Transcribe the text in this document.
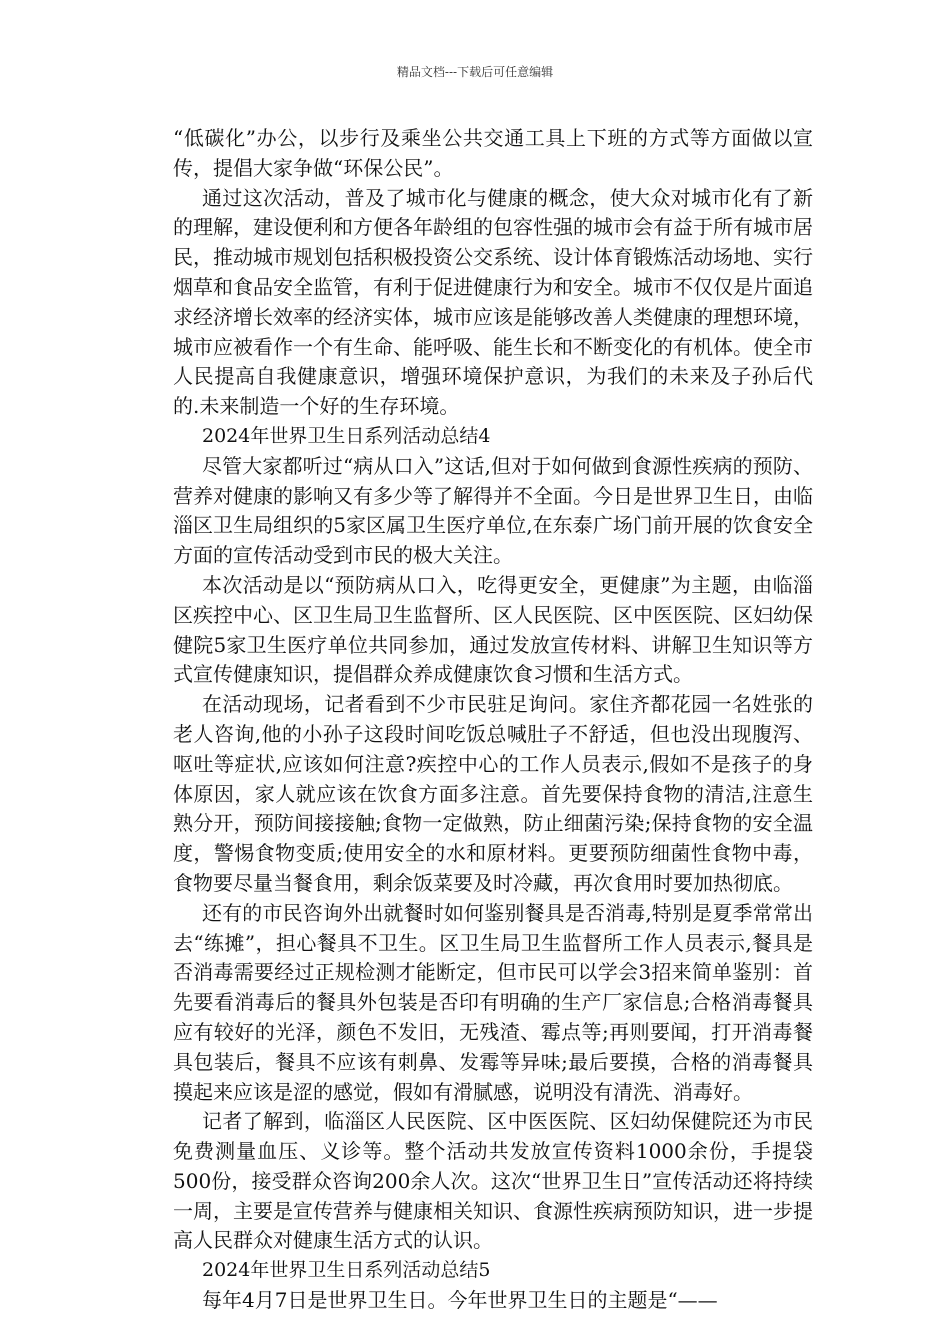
精品文档---下载后可任意编辑

“低碳化”办公，以步行及乘坐公共交通工具上下班的方式等方面做以宣传，提倡大家争做“环保公民”。

通过这次活动，普及了城市化与健康的概念，使大众对城市化有了新的理解，建设便利和方便各年龄组的包容性强的城市会有益于所有城市居民，推动城市规划包括积极投资公交系统、设计体育锻炼活动场地、实行烟草和食品安全监管，有利于促进健康行为和安全。城市不仅仅是片面追求经济增长效率的经济实体，城市应该是能够改善人类健康的理想环境，城市应被看作一个有生命、能呼吸、能生长和不断变化的有机体。使全市人民提高自我健康意识，增强环境保护意识，为我们的未来及子孙后代的.未来制造一个好的生存环境。

2024年世界卫生日系列活动总结4

尽管大家都听过“病从口入”这话,但对于如何做到食源性疾病的预防、营养对健康的影响又有多少等了解得并不全面。今日是世界卫生日，由临淄区卫生局组织的5家区属卫生医疗单位,在东泰广场门前开展的饮食安全方面的宣传活动受到市民的极大关注。

本次活动是以“预防病从口入，吃得更安全，更健康”为主题，由临淄区疾控中心、区卫生局卫生监督所、区人民医院、区中医医院、区妇幼保健院5家卫生医疗单位共同参加，通过发放宣传材料、讲解卫生知识等方式宣传健康知识，提倡群众养成健康饮食习惯和生活方式。

在活动现场，记者看到不少市民驻足询问。家住齐都花园一名姓张的老人咨询,他的小孙子这段时间吃饭总喊肚子不舒适，但也没出现腹泻、呕吐等症状,应该如何注意?疾控中心的工作人员表示,假如不是孩子的身体原因，家人就应该在饮食方面多注意。首先要保持食物的清洁,注意生熟分开，预防间接接触;食物一定做熟，防止细菌污染;保持食物的安全温度，警惕食物变质;使用安全的水和原材料。更要预防细菌性食物中毒，食物要尽量当餐食用，剩余饭菜要及时冷藏，再次食用时要加热彻底。

还有的市民咨询外出就餐时如何鉴别餐具是否消毒,特别是夏季常常出去“练摊”，担心餐具不卫生。区卫生局卫生监督所工作人员表示,餐具是否消毒需要经过正规检测才能断定，但市民可以学会3招来简单鉴别：首先要看消毒后的餐具外包装是否印有明确的生产厂家信息;合格消毒餐具应有较好的光泽，颜色不发旧，无残渣、霉点等;再则要闻，打开消毒餐具包装后，餐具不应该有刺鼻、发霉等异味;最后要摸，合格的消毒餐具摸起来应该是涩的感觉，假如有滑腻感，说明没有清洗、消毒好。

记者了解到，临淄区人民医院、区中医医院、区妇幼保健院还为市民免费测量血压、义诊等。整个活动共发放宣传资料1000余份，手提袋500份，接受群众咨询200余人次。这次“世界卫生日”宣传活动还将持续一周，主要是宣传营养与健康相关知识、食源性疾病预防知识，进一步提高人民群众对健康生活方式的认识。

2024年世界卫生日系列活动总结5

每年4月7日是世界卫生日。今年世界卫生日的主题是“——
